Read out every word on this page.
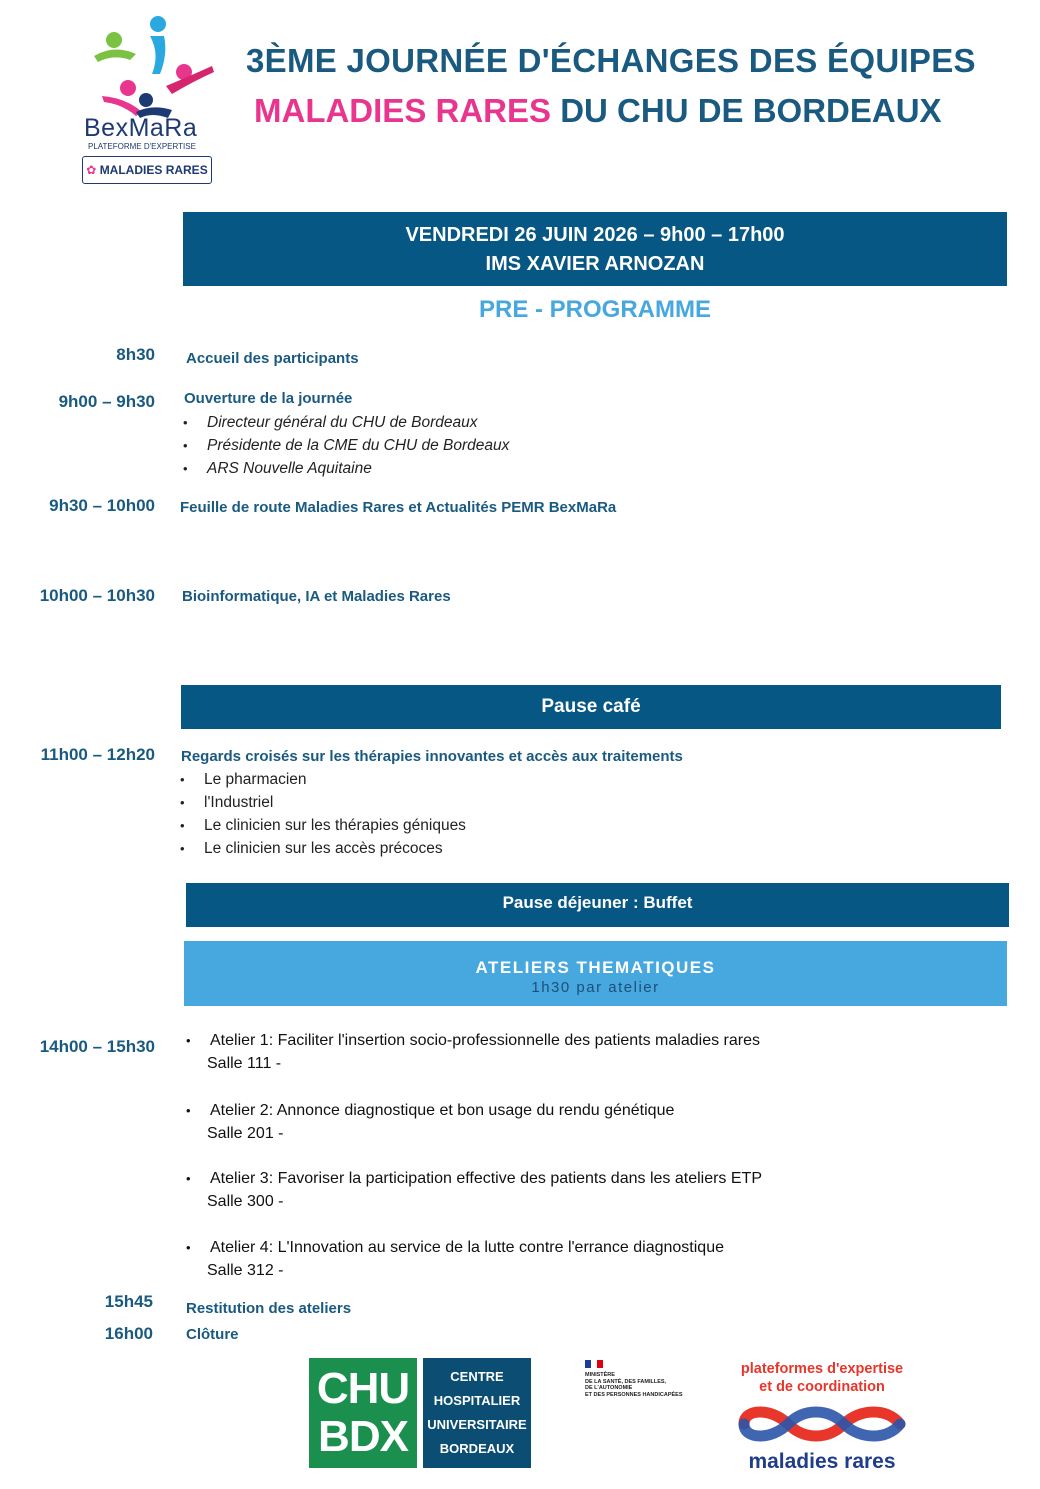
BexMaRa
PLATEFORME D'EXPERTISE
✿ MALADIES RARES
3ÈME JOURNÉE D'ÉCHANGES DES ÉQUIPES
MALADIES RARES DU CHU DE BORDEAUX
VENDREDI 26 JUIN 2026 – 9h00 – 17h00
IMS XAVIER ARNOZAN
PRE - PROGRAMME
8h30 Accueil des participants
9h00 – 9h30 Ouverture de la journée
• Directeur général du CHU de Bordeaux
• Présidente de la CME du CHU de Bordeaux
• ARS Nouvelle Aquitaine
9h30 – 10h00 Feuille de route Maladies Rares et Actualités PEMR BexMaRa
10h00 – 10h30 Bioinformatique, IA et Maladies Rares
Pause café
11h00 – 12h20 Regards croisés sur les thérapies innovantes et accès aux traitements
• Le pharmacien
• l'Industriel
• Le clinicien sur les thérapies géniques
• Le clinicien sur les accès précoces
Pause déjeuner : Buffet
ATELIERS THEMATIQUES
1h30 par atelier
14h00 – 15h30 • Atelier 1: Faciliter l'insertion socio-professionnelle des patients maladies rares
Salle 111 -
• Atelier 2: Annonce diagnostique et bon usage du rendu génétique
Salle 201 -
• Atelier 3: Favoriser la participation effective des patients dans les ateliers ETP
Salle 300 -
• Atelier 4: L'Innovation au service de la lutte contre l'errance diagnostique
Salle 312 -
15h45 Restitution des ateliers
16h00 Clôture
CHU
BDX
CENTRE
HOSPITALIER
UNIVERSITAIRE
BORDEAUX
MINISTÈRE
DE LA SANTÉ, DES FAMILLES,
DE L'AUTONOMIE
ET DES PERSONNES HANDICAPÉES
plateformes d'expertise
et de coordination
maladies rares
